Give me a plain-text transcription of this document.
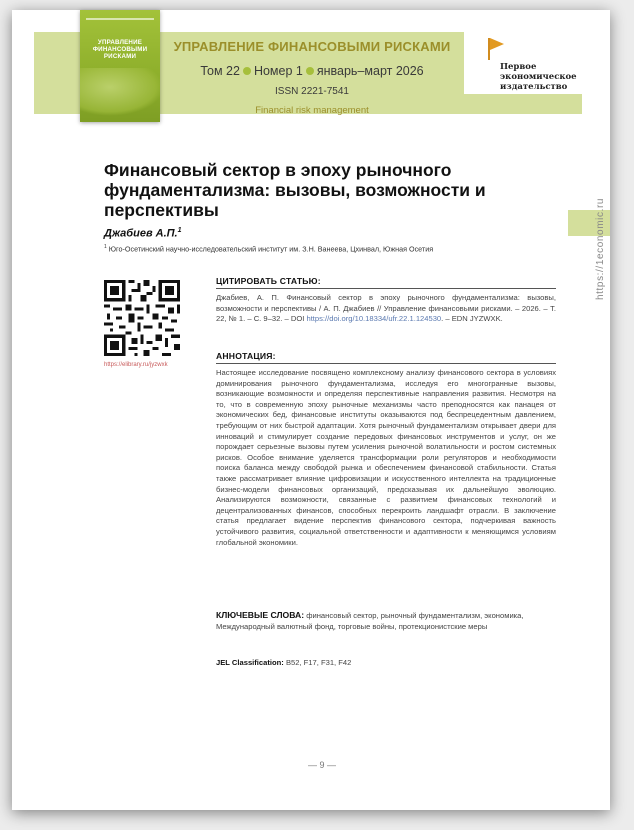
УПРАВЛЕНИЕ ФИНАНСОВЫМИ РИСКАМИ
УПРАВЛЕНИЕ ФИНАНСОВЫМИ РИСКАМИ
Том 22 Номер 1 январь–март 2026
ISSN 2221-7541
Financial risk management
Первое экономическое издательство
https://1economic.ru
Финансовый сектор в эпоху рыночного фундаментализма: вызовы, возможности и перспективы
Джабиев А.П.$^1$
$^1$ Юго-Осетинский научно-исследовательский институт им. З.Н. Ванеева, Цхинвал, Южная Осетия
https://elibrary.ru/jyzwxk

ЦИТИРОВАТЬ СТАТЬЮ:

Джабиев, А. П. Финансовый сектор в эпоху рыночного фундаментализма: вызовы, возможности и перспективы / А. П. Джабиев // Управление финансовыми рисками. – 2026. – Т. 22, № 1. – С. 9–32. – DOI https://doi.org/10.18334/ufr.22.1.124530. – EDN JYZWXK.

АННОТАЦИЯ:

Настоящее исследование посвящено комплексному анализу финансового сектора в условиях доминирования рыночного фундаментализма, исследуя его многогранные вызовы, возникающие возможности и определяя перспективные направления развития. Несмотря на то, что в современную эпоху рыночные механизмы часто преподносятся как панацея от экономических бед, финансовые институты оказываются под беспрецедентным давлением, требующим от них быстрой адаптации. Хотя рыночный фундаментализм открывает двери для инноваций и стимулирует создание передовых финансовых инструментов и услуг, он же порождает серьезные вызовы путем усиления рыночной волатильности и ростом системных рисков. Особое внимание уделяется трансформации роли регуляторов и необходимости поиска баланса между свободой рынка и обеспечением финансовой стабильности. Статья также рассматривает влияние цифровизации и искусственного интеллекта на традиционные бизнес-модели финансовых организаций, предсказывая их дальнейшую эволюцию. Анализируются возможности, связанные с развитием финансовых технологий и децентрализованных финансов, способных перекроить ландшафт отрасли. В заключение статья предлагает видение перспектив финансового сектора, подчеркивая важность устойчивого развития, социальной ответственности и адаптивности к меняющимся условиям глобальной экономики.

КЛЮЧЕВЫЕ СЛОВА: финансовый сектор, рыночный фундаментализм, экономика, Международный валютный фонд, торговые войны, протекционистские меры

JEL Classification: B52, F17, F31, F42

— 9 —
